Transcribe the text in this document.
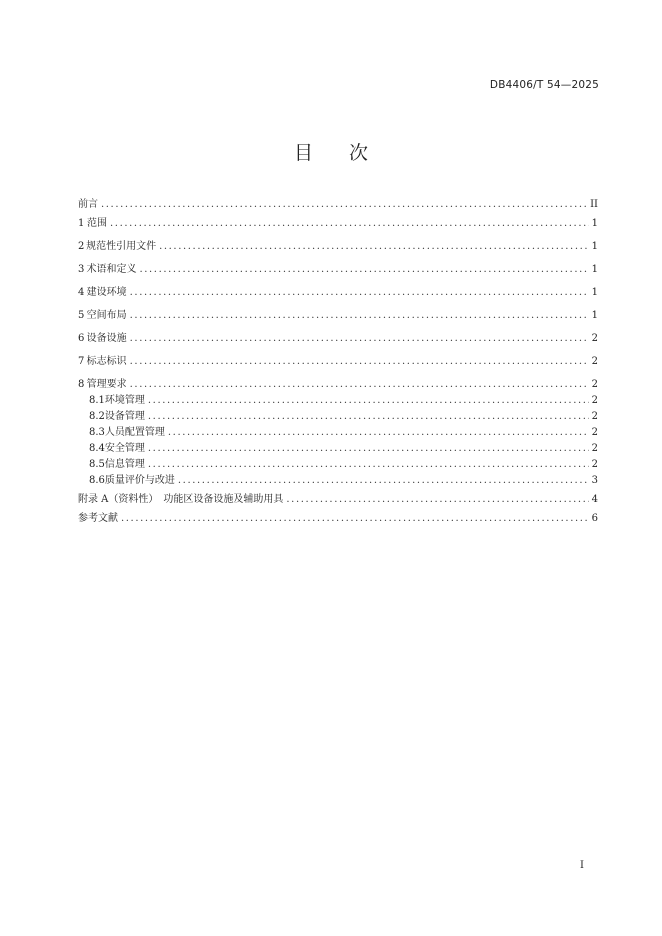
DB4406/T 54—2025
目 次
前言 .....	II
1 范围 .....	1
2 规范性引用文件 .....	1
3 术语和定义 .....	1
4 建设环境 .....	1
5 空间布局 .....	1
6 设备设施 .....	2
7 标志标识 .....	2
8 管理要求 .....	2
8.1 环境管理 .....	2
8.2 设备管理 .....	2
8.3 人员配置管理 .....	2
8.4 安全管理 .....	2
8.5 信息管理 .....	2
8.6 质量评价与改进 .....	3
附录 A（资料性）　功能区设备设施及辅助用具 .....	4
参考文献 .....	6
I
